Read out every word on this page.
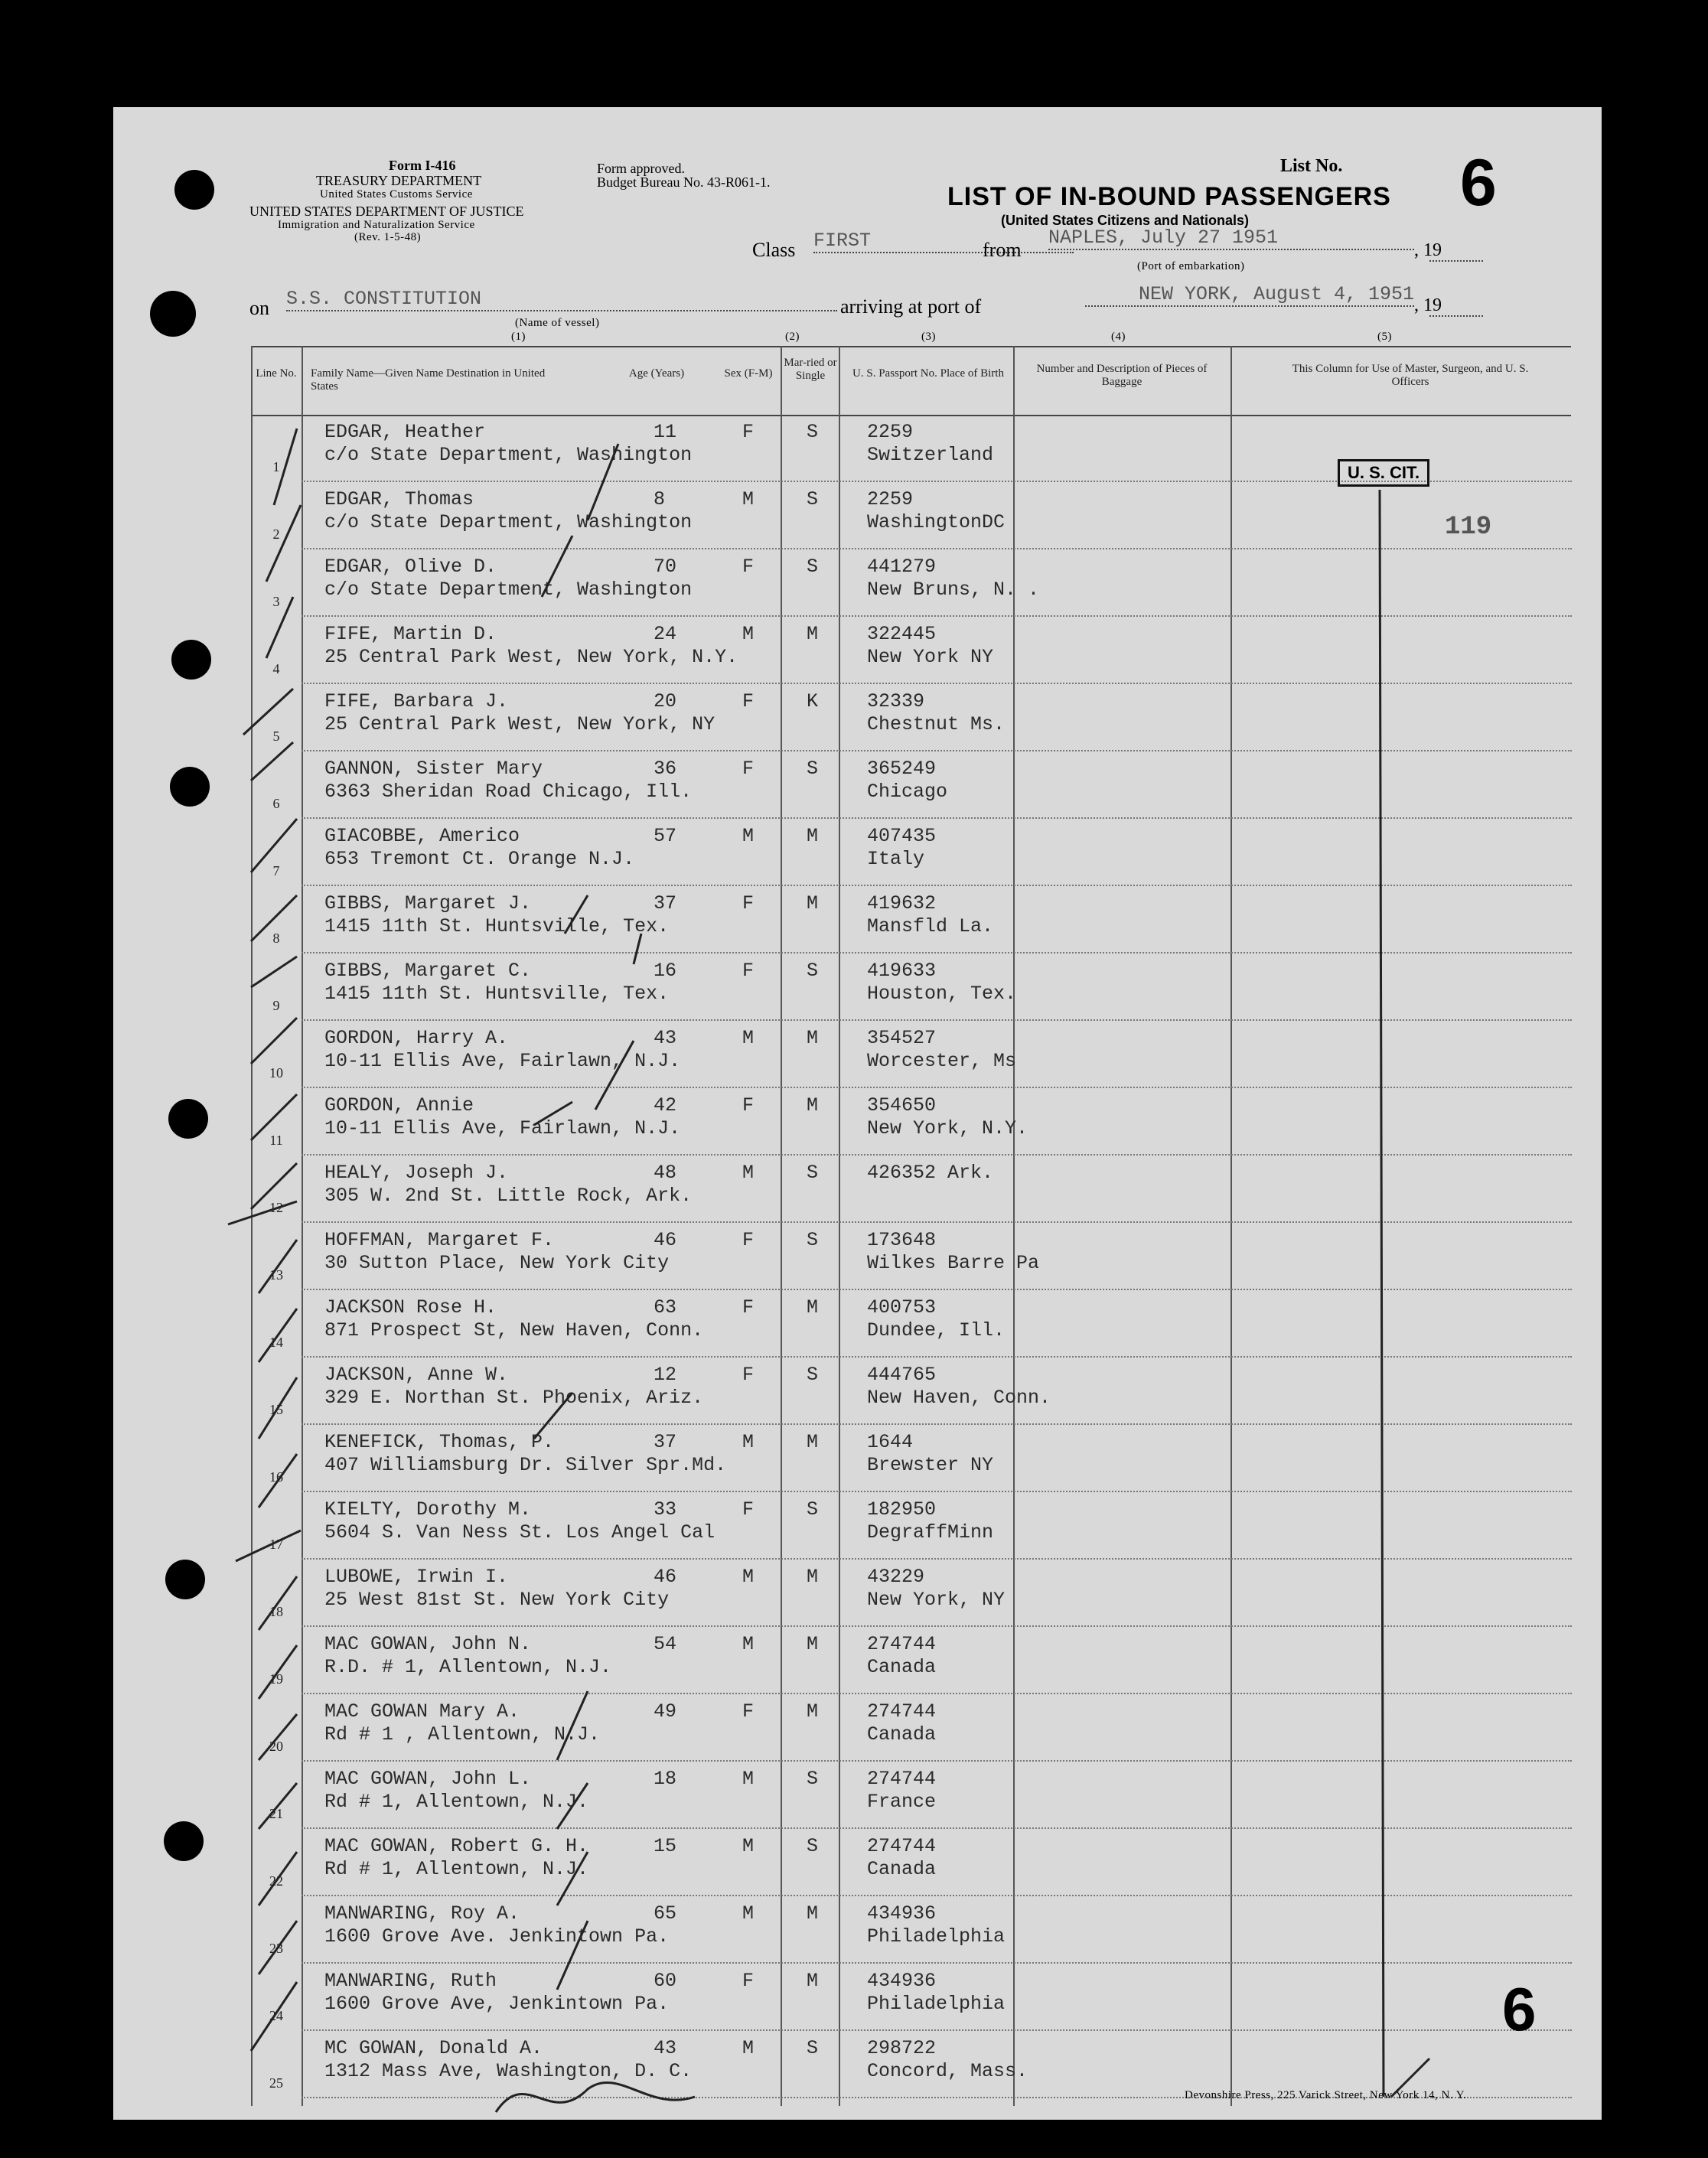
Form I-416
TREASURY DEPARTMENT
United States Customs Service
UNITED STATES DEPARTMENT OF JUSTICE
Immigration and Naturalization Service
(Rev. 1-5-48)
Form approved.
Budget Bureau No. 43-R061-1.
List No. 6
LIST OF IN-BOUND PASSENGERS
(United States Citizens and Nationals)
Class FIRST	from
NAPLES, July 27 1951
, 19
(Port of embarkation)
on S.S. CONSTITUTION	arriving at port of
NEW YORK, August 4, 1951 , 19
(Name of vessel)
(1)	(2)	(3)	(4)	(5)
Line No. Family Name—Given Name Destination in United States
Age (Years)	Sex (F-M)
Mar-ried or Single	U. S. Passport No. Place of Birth	Number and Description of Pieces of Baggage
This Column for Use of Master, Surgeon, and U. S. Officers
1
EDGAR, Heather
c/o State Department, Washington
11	F	S	2259
Switzerland
2
EDGAR, Thomas
c/o State Department, Washington
8	M	S	2259
WashingtonDC
3
EDGAR, Olive D.
c/o State Department, Washington
70	F	S	441279
New Bruns, N. .
4
FIFE, Martin D.
25 Central Park West, New York, N.Y.
24	M	M	322445
New York NY
5
FIFE, Barbara J.
25 Central Park West, New York, NY
20	F	K	32339
Chestnut Ms.
6
GANNON, Sister Mary
6363 Sheridan Road Chicago, Ill.
36	F	S	365249
Chicago
7
GIACOBBE, Americo
653 Tremont Ct. Orange N.J.
57	M	M	407435
Italy
8
GIBBS, Margaret J.
1415 11th St. Huntsville, Tex.
37	F	M	419632
Mansfld La.
9
GIBBS, Margaret C.
1415 11th St. Huntsville, Tex.
16	F	S	419633
Houston, Tex.
10
GORDON, Harry A.
10-11 Ellis Ave, Fairlawn, N.J.
43	M	M	354527
Worcester, Ms
11
GORDON, Annie
10-11 Ellis Ave, Fairlawn, N.J.
42	F	M	354650
New York, N.Y.
12
HEALY, Joseph J.
305 W. 2nd St. Little Rock, Ark.
48	M	S	426352 Ark.
13
HOFFMAN, Margaret F.
30 Sutton Place, New York City
46	F	S	173648
Wilkes Barre Pa
14
JACKSON Rose H.
871 Prospect St, New Haven, Conn.
63	F	M	400753
Dundee, Ill.
15
JACKSON, Anne W.
329 E. Northan St. Phoenix, Ariz.
12	F	S	444765
New Haven, Conn.
16
KENEFICK, Thomas, P.
407 Williamsburg Dr. Silver Spr.Md.
37	M	M	1644
Brewster NY
17
KIELTY, Dorothy M.
5604 S. Van Ness St. Los Angel Cal
33	F	S	182950
DegraffMinn
18
LUBOWE, Irwin I.
25 West 81st St. New York City
46	M	M	43229
New York, NY
19
MAC GOWAN, John N.
R.D. # 1, Allentown, N.J.
54	M	M	274744
Canada
20
MAC GOWAN Mary A.
Rd # 1 , Allentown, N.J.
49	F	M	274744
Canada
21
MAC GOWAN, John L.
Rd # 1, Allentown, N.J.
18	M	S	274744
France
22
MAC GOWAN, Robert G. H.
Rd # 1, Allentown, N.J.
15	M	S	274744
Canada
23
MANWARING, Roy A.
1600 Grove Ave. Jenkintown Pa.
65	M	M	434936
Philadelphia
24
MANWARING, Ruth
1600 Grove Ave, Jenkintown Pa.
60	F	M	434936
Philadelphia
25
MC GOWAN, Donald A.
1312 Mass Ave, Washington, D. C.
43	M	S	298722
Concord, Mass.
U. S. CIT.
119
6
Devonshire Press, 225 Varick Street, New York 14, N. Y.
